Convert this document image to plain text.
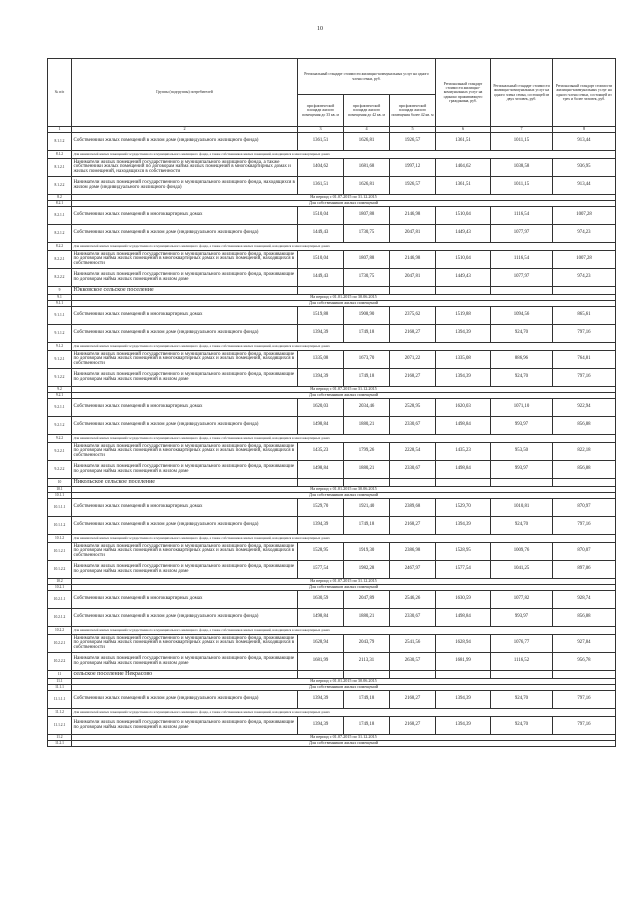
10
№ п/п	Группы (подгруппы) потребителей	Региональный стандарт стоимости жилищно-коммунальных услуг на одного члена семьи, руб.			Региональный стандарт стоимости жилищно-коммунальных услуг на одиноко проживающего гражданина, руб.	Региональный стандарт стоимости жилищно-коммунальных услуг на одного члена семьи, состоящей из двух человек, руб.	Региональный стандарт стоимости жилищно-коммунальных услуг на одного члена семьи, состоящей из трех и более человек, руб.
		при фактической площади жилого помещения до 33 кв. м	при фактической площади жилого помещения до 42 кв. м	при фактической площади жилого помещения более 42 кв. м			
1	2	3	4	5	6	7	8
8.1.1.2	Собственники жилых помещений в жилом доме (индивидуального жилищного фонда)	1361,51	1626,81	1926,57	1361,51	1011,15	913,44
8.1.2	Для нанимателей жилых помещений государственного и муниципального жилищного фонда, а также собственников жилых помещений, находящихся в многоквартирных домах						
8.1.2.1	Наниматели жилых помещений государственного и муниципального жилищного фонда, а также собственники жилых помещений по договорам найма жилых помещений в многоквартирных домах и жилых помещений, находящихся в собственности	1404,62	1681,68	1997,12	1404,62	1038,58	936,95
8.1.2.2	Наниматели жилых помещений государственного и муниципального жилищного фонда, находящихся в жилом доме (индивидуального жилищного фонда)	1361,51	1626,81	1926,57	1361,51	1011,15	913,44
8.2	На период с 01.07.2015 по 31.12.2015						
8.2.1	Для собственников жилых помещений						
8.2.1.1	Собственники жилых помещений в многоквартирных домах	1510,04	1807,88	2146,98	1510,04	1116,54	1007,28
8.2.1.2	Собственники жилых помещений в жилом доме (индивидуального жилищного фонда)	1449,43	1730,75	2047,81	1449,43	1077,97	974,23
8.2.2	Для нанимателей жилых помещений государственного и муниципального жилищного фонда, а также собственников жилых помещений, находящихся в многоквартирных домах						
8.2.2.1	Наниматели жилых помещений государственного и муниципального жилищного фонда, проживающие по договорам найма жилых помещений в многоквартирных домах и жилых помещений, находящихся в собственности	1510,04	1807,88	2146,98	1510,04	1116,54	1007,28
8.2.2.2	Наниматели жилых помещений государственного и муниципального жилищного фонда, проживающие по договорам найма жилых помещений в жилом доме	1449,43	1730,75	2047,81	1449,43	1077,97	974,23
9	Юкковское сельское поселение						
9.1	На период с 01.01.2015 по 30.06.2015						
9.1.1	Для собственников жилых помещений						
9.1.1.1	Собственники жилых помещений в многоквартирных домах	1519,88	1908,90	2375,62	1519,88	1094,56	865,61
9.1.1.2	Собственники жилых помещений в жилом доме (индивидуального жилищного фонда)	1394,39	1749,18	2168,27	1394,39	924,70	797,16
9.1.2	Для нанимателей жилых помещений государственного и муниципального жилищного фонда, а также собственников жилых помещений, находящихся в многоквартирных домах						
9.1.2.1	Наниматели жилых помещений государственного и муниципального жилищного фонда, проживающие по договорам найма жилых помещений в многоквартирных домах и жилых помещений, находящихся в собственности	1335,08	1673,70	2071,22	1335,08	886,96	764,81
9.1.2.2	Наниматели жилых помещений государственного и муниципального жилищного фонда, проживающие по договорам найма жилых помещений в жилом доме	1394,39	1749,18	2168,27	1394,39	924,70	797,16
9.2	На период с 01.07.2015 по 31.12.2015						
9.2.1	Для собственников жилых помещений						
9.2.1.1	Собственники жилых помещений в многоквартирных домах	1620,03	2034,46	2528,95	1620,03	1071,10	922,94
9.2.1.2	Собственники жилых помещений в жилом доме (индивидуального жилищного фонда)	1498,84	1880,21	2330,67	1498,84	993,97	856,88
9.2.2	Для нанимателей жилых помещений государственного и муниципального жилищного фонда, а также собственников жилых помещений, находящихся в многоквартирных домах						
9.2.2.1	Наниматели жилых помещений государственного и муниципального жилищного фонда, проживающие по договорам найма жилых помещений в многоквартирных домах и жилых помещений, находящихся в собственности	1435,23	1799,26	2228,54	1435,23	953,50	822,18
9.2.2.2	Наниматели жилых помещений государственного и муниципального жилищного фонда, проживающие по договорам найма жилых помещений в жилом доме	1498,84	1880,21	2330,67	1498,84	993,97	856,88
10	Никольское сельское поселение						
10.1	На период с 01.01.2015 по 30.06.2015						
10.1.1	Для собственников жилых помещений						
10.1.1.1	Собственники жилых помещений в многоквартирных домах	1529,70	1921,40	2389,68	1529,70	1010,81	870,97
10.1.1.2	Собственники жилых помещений в жилом доме (индивидуального жилищного фонда)	1394,39	1749,18	2168,27	1394,39	924,70	797,16
10.1.2	Для нанимателей жилых помещений государственного и муниципального жилищного фонда, а также собственников жилых помещений, находящихся в многоквартирных домах						
10.1.2.1	Наниматели жилых помещений государственного и муниципального жилищного фонда, проживающие по договорам найма жилых помещений в многоквартирных домах и жилых помещений, находящихся в собственности	1528,95	1919,30	2386,98	1528,95	1009,76	870,07
10.1.2.2	Наниматели жилых помещений государственного и муниципального жилищного фонда, проживающие по договорам найма жилых помещений в жилом доме	1577,54	1982,28	2467,97	1577,54	1041,25	897,06
10.2	На период с 01.07.2015 по 31.12.2015						
10.2.1	Для собственников жилых помещений						
10.2.1.1	Собственники жилых помещений в многоквартирных домах	1630,59	2047,89	2546,26	1630,59	1077,82	928,74
10.2.1.2	Собственники жилых помещений в жилом доме (индивидуального жилищного фонда)	1498,84	1880,21	2330,67	1498,84	993,97	856,88
10.2.2	Для нанимателей жилых помещений государственного и муниципального жилищного фонда, а также собственников жилых помещений, находящихся в многоквартирных домах						
10.2.2.1	Наниматели жилых помещений государственного и муниципального жилищного фонда, проживающие по договорам найма жилых помещений в многоквартирных домах и жилых помещений, находящихся в собственности	1628,94	2043,79	2541,56	1628,94	1076,77	927,84
10.2.2.2	Наниматели жилых помещений государственного и муниципального жилищного фонда, проживающие по договорам найма жилых помещений в жилом доме	1681,99	2113,31	2630,57	1681,99	1116,52	956,78
11	сельское поселение Некрасово						
11.1	На период с 01.01.2015 по 30.06.2015						
11.1.1	Для собственников жилых помещений						
11.1.1.1	Собственники жилых помещений в жилом доме (индивидуального жилищного фонда)	1394,39	1749,18	2168,27	1394,39	924,70	797,16
11.1.2	Для нанимателей жилых помещений государственного и муниципального жилищного фонда, а также собственников жилых помещений, находящихся в многоквартирных домах						
11.1.2.1	Наниматели жилых помещений государственного и муниципального жилищного фонда, проживающие по договорам найма жилых помещений в жилом доме	1394,39	1749,18	2168,27	1394,39	924,70	797,16
11.2	На период с 01.07.2015 по 31.12.2015						
11.2.1	Для собственников жилых помещений						
